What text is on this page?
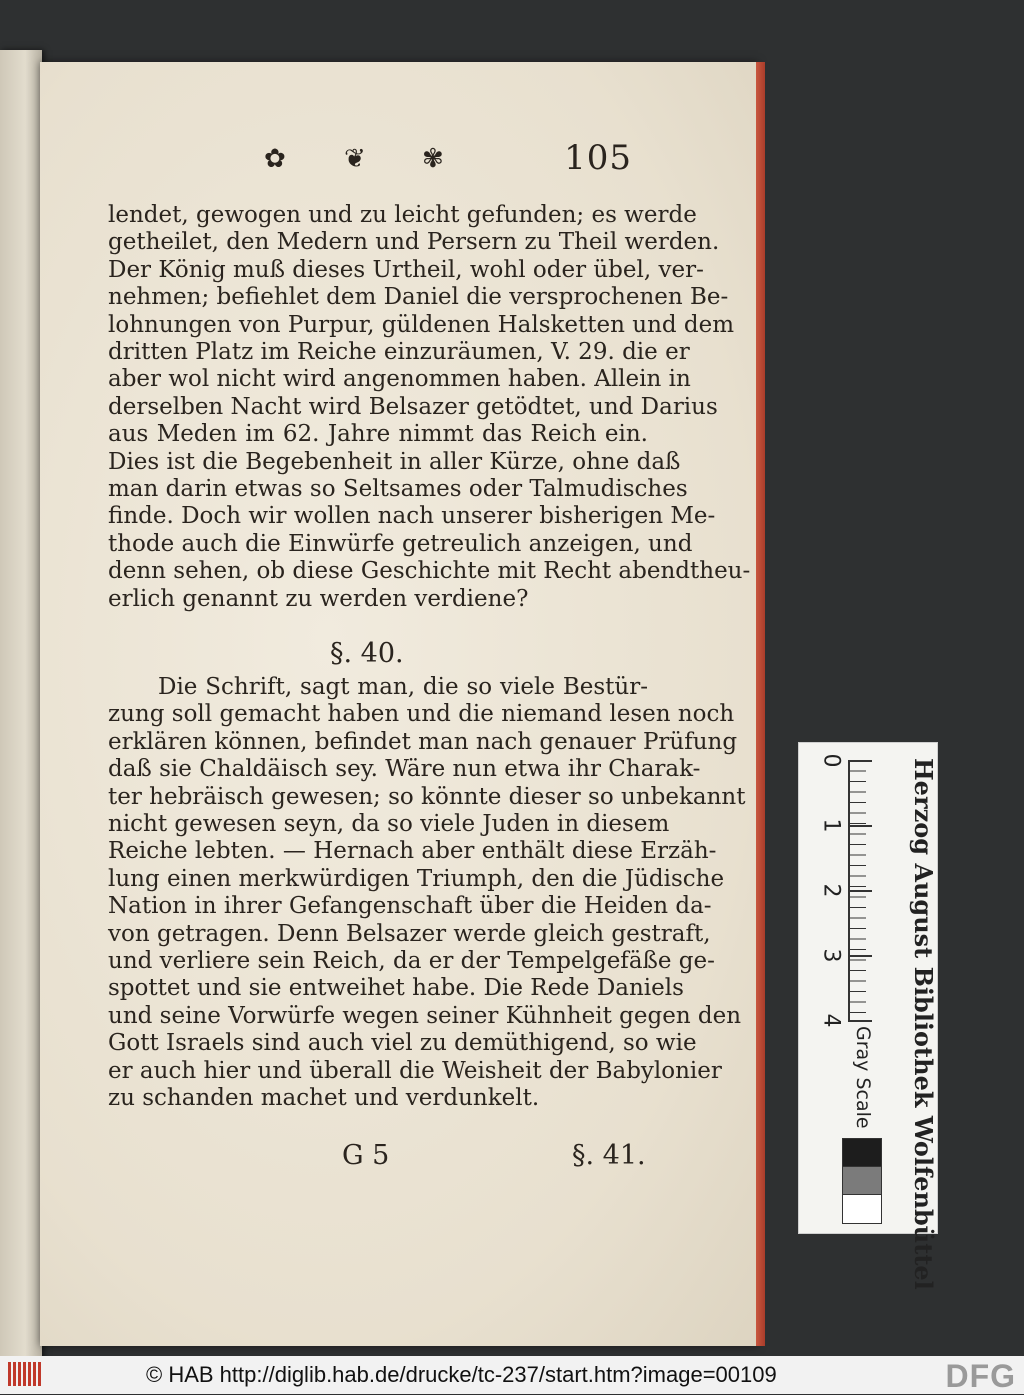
✿ ❦ ✾	105
lendet, gewogen und zu leicht gefunden; es werde
getheilet, den Medern und Persern zu Theil werden.
Der König muß dieses Urtheil, wohl oder übel, ver-
nehmen; befiehlet dem Daniel die versprochenen Be-
lohnungen von Purpur, güldenen Halsketten und dem
dritten Platz im Reiche einzuräumen, V. 29. die er
aber wol nicht wird angenommen haben. Allein in
derselben Nacht wird Belsazer getödtet, und Darius
aus Meden im 62. Jahre nimmt das Reich ein.
Dies ist die Begebenheit in aller Kürze, ohne daß
man darin etwas so Seltsames oder Talmudisches
finde. Doch wir wollen nach unserer bisherigen Me-
thode auch die Einwürfe getreulich anzeigen, und
denn sehen, ob diese Geschichte mit Recht abendtheu-
erlich genannt zu werden verdiene?
§. 40.
Die Schrift, sagt man, die so viele Bestür-
zung soll gemacht haben und die niemand lesen noch
erklären können, befindet man nach genauer Prüfung
daß sie Chaldäisch sey. Wäre nun etwa ihr Charak-
ter hebräisch gewesen; so könnte dieser so unbekannt
nicht gewesen seyn, da so viele Juden in diesem
Reiche lebten. — Hernach aber enthält diese Erzäh-
lung einen merkwürdigen Triumph, den die Jüdische
Nation in ihrer Gefangenschaft über die Heiden da-
von getragen. Denn Belsazer werde gleich gestraft,
und verliere sein Reich, da er der Tempelgefäße ge-
spottet und sie entweihet habe. Die Rede Daniels
und seine Vorwürfe wegen seiner Kühnheit gegen den
Gott Israels sind auch viel zu demüthigend, so wie
er auch hier und überall die Weisheit der Babylonier
zu schanden machet und verdunkelt.
G 5	§. 41.	Herzog August Bibliothek Wolfenbüttel
0
1
2
3
4
Gray Scale
© HAB http://diglib.hab.de/drucke/tc-237/start.htm?image=00109	DFG
